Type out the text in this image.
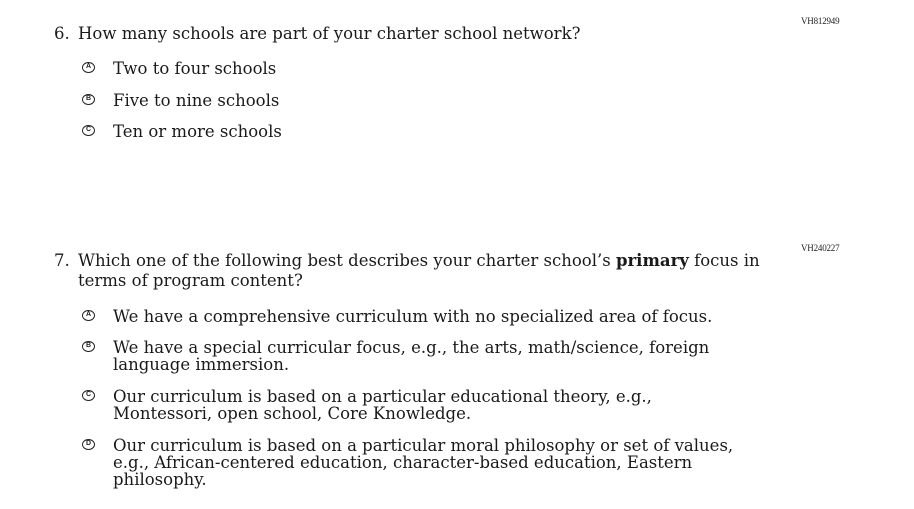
VH812949
6. How many schools are part of your charter school network?
A Two to four schools
B Five to nine schools
C Ten or more schools
VH240227
7. Which one of the following best describes your charter school’s primary focus in terms of program content?
A We have a comprehensive curriculum with no specialized area of focus.
B We have a special curricular focus, e.g., the arts, math/science, foreign language immersion.
C Our curriculum is based on a particular educational theory, e.g., Montessori, open school, Core Knowledge.
D Our curriculum is based on a particular moral philosophy or set of values, e.g., African-centered education, character-based education, Eastern philosophy.
